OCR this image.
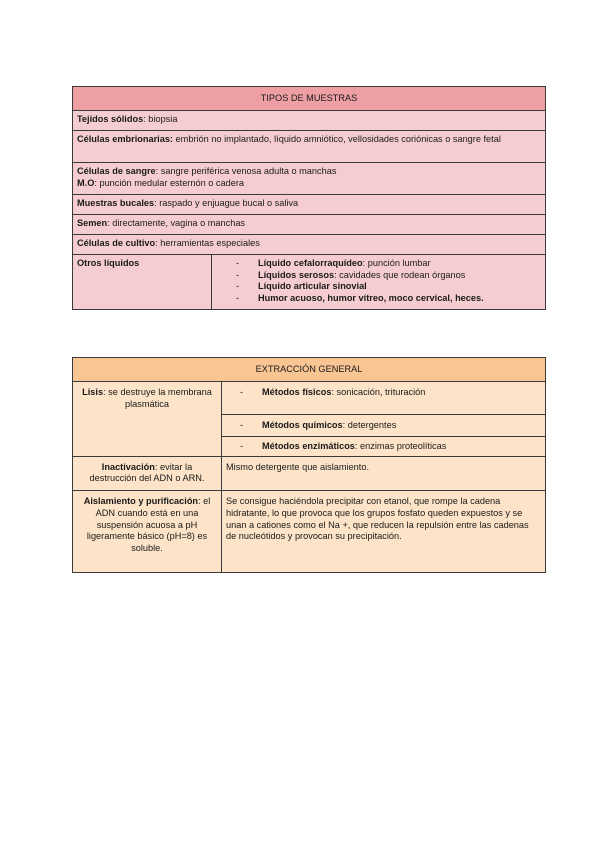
TIPOS DE MUESTRAS
Tejidos sólidos: biopsia
Células embrionarias: embrión no implantado, líquido amniótico, vellosidades coriónicas o sangre fetal
Células de sangre: sangre periférica venosa adulta o manchas
M.O: punción medular esternón o cadera
Muestras bucales: raspado y enjuague bucal o saliva
Semen: directamente, vagina o manchas
Células de cultivo: herramientas especiales
Otros líquidos	- Líquido cefalorraquídeo: punción lumbar
- Líquidos serosos: cavidades que rodean órganos
- Líquido articular sinovial
- Humor acuoso, humor vítreo, moco cervical, heces.
EXTRACCIÓN GENERAL	
Lisis: se destruye la membrana plasmática	- Métodos físicos: sonicación, trituración
	- Métodos químicos: detergentes
	- Métodos enzimáticos: enzimas proteolíticas
Inactivación: evitar la destrucción del ADN o ARN.	Mismo detergente que aislamiento.
Aislamiento y purificación: el ADN cuando está en una suspensión acuosa a pH ligeramente básico (pH=8) es soluble.	Se consigue haciéndola precipitar con etanol, que rompe la cadena hidratante, lo que provoca que los grupos fosfato queden expuestos y se unan a cationes como el Na +, que reducen la repulsión entre las cadenas de nucleótidos y provocan su precipitación.
